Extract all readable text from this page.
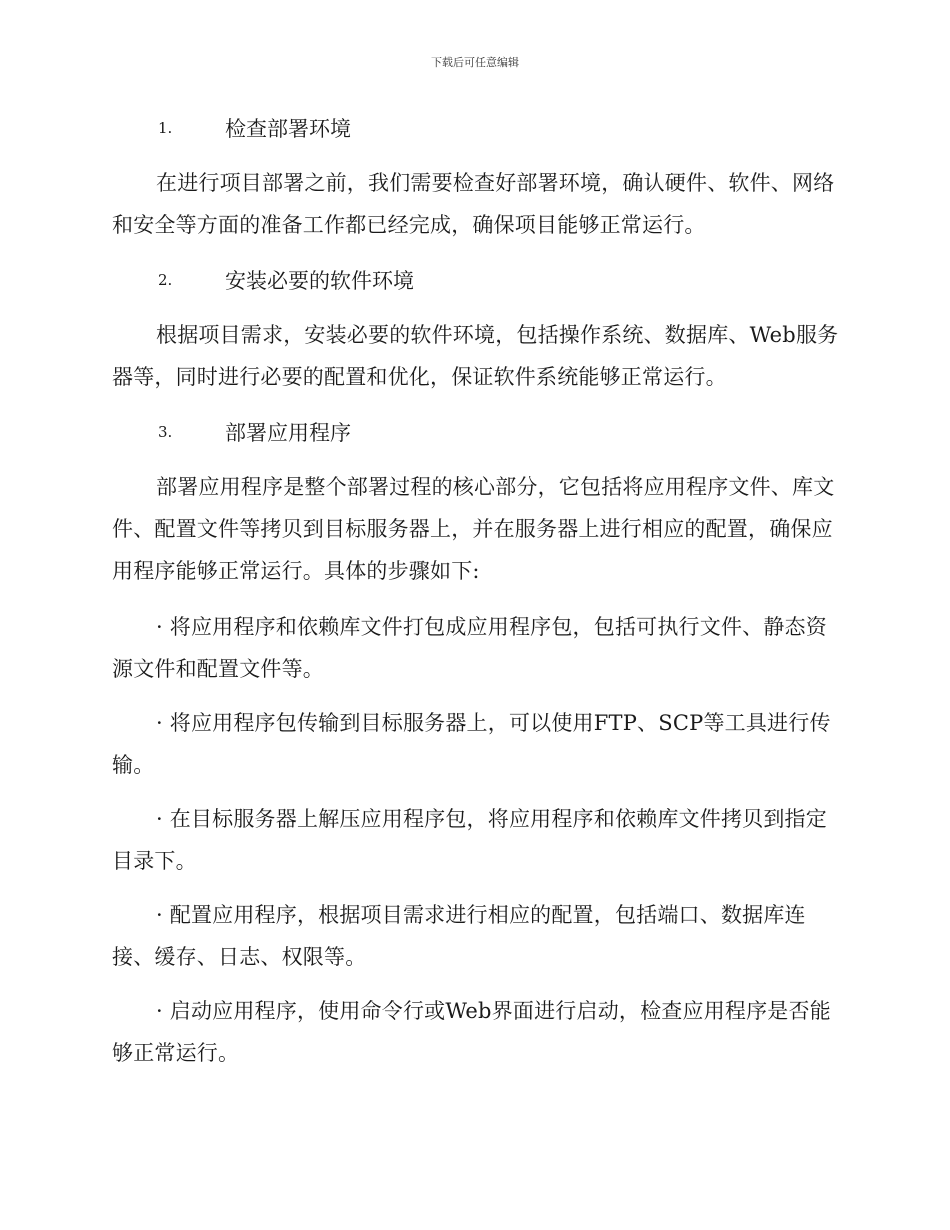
下载后可任意编辑
1.	检查部署环境
在进行项目部署之前，我们需要检查好部署环境，确认硬件、软件、网络和安全等方面的准备工作都已经完成，确保项目能够正常运行。
2.	安装必要的软件环境
根据项目需求，安装必要的软件环境，包括操作系统、数据库、Web服务器等，同时进行必要的配置和优化，保证软件系统能够正常运行。
3.	部署应用程序
部署应用程序是整个部署过程的核心部分，它包括将应用程序文件、库文件、配置文件等拷贝到目标服务器上，并在服务器上进行相应的配置，确保应用程序能够正常运行。具体的步骤如下:
· 将应用程序和依赖库文件打包成应用程序包，包括可执行文件、静态资源文件和配置文件等。
· 将应用程序包传输到目标服务器上，可以使用FTP、SCP等工具进行传输。
· 在目标服务器上解压应用程序包，将应用程序和依赖库文件拷贝到指定目录下。
· 配置应用程序，根据项目需求进行相应的配置，包括端口、数据库连接、缓存、日志、权限等。
· 启动应用程序，使用命令行或Web界面进行启动，检查应用程序是否能够正常运行。
